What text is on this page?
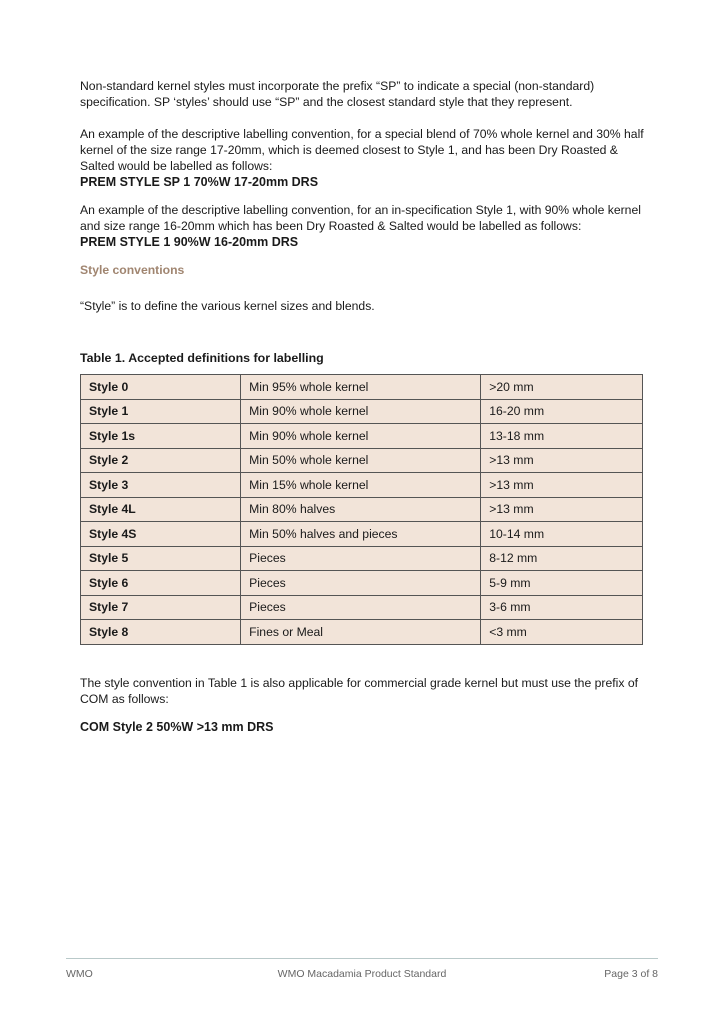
Non-standard kernel styles must incorporate the prefix “SP” to indicate a special (non-standard) specification. SP ‘styles’ should use “SP” and the closest standard style that they represent.

An example of the descriptive labelling convention, for a special blend of 70% whole kernel and 30% half kernel of the size range 17-20mm, which is deemed closest to Style 1, and has been Dry Roasted & Salted would be labelled as follows:
PREM STYLE SP 1 70%W 17-20mm DRS

An example of the descriptive labelling convention, for an in-specification Style 1, with 90% whole kernel and size range 16-20mm which has been Dry Roasted & Salted would be labelled as follows:
PREM STYLE 1 90%W 16-20mm DRS

Style conventions

“Style” is to define the various kernel sizes and blends.

Table 1. Accepted definitions for labelling

Style 0	Min 95% whole kernel	>20 mm
Style 1	Min 90% whole kernel	16-20 mm
Style 1s	Min 90% whole kernel	13-18 mm
Style 2	Min 50% whole kernel	>13 mm
Style 3	Min 15% whole kernel	>13 mm
Style 4L	Min 80% halves	>13 mm
Style 4S	Min 50% halves and pieces	10-14 mm
Style 5	Pieces	8-12 mm
Style 6	Pieces	5-9 mm
Style 7	Pieces	3-6 mm
Style 8	Fines or Meal	<3 mm

The style convention in Table 1 is also applicable for commercial grade kernel but must use the prefix of COM as follows:

COM Style 2 50%W >13 mm DRS

WMO	WMO Macadamia Product Standard	Page 3 of 8
